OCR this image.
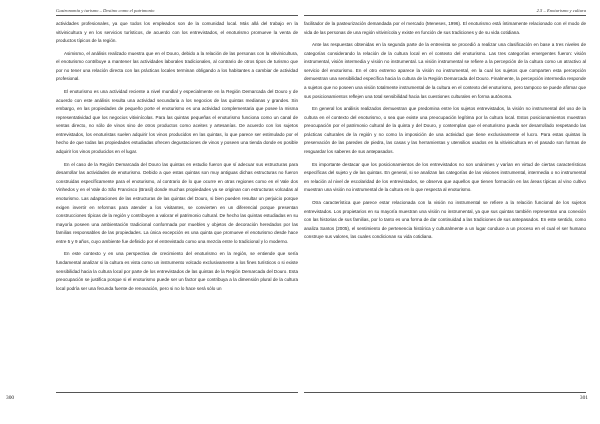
Gastronomía y turismo – Destino como el patrimonio

actividades profesionales, ya que todos los empleados son de la comunidad local. Más allá del trabajo en la vitivinicultura y en los servicios turísticos, de acuerdo con los entrevistados, el enoturismo promueve la venta de productos típicos de la región.

Asimismo, el análisis realizado muestra que en el Douro, debido a la relación de las personas con la vitivinicultura, el enoturismo contribuye a mantener las actividades laborales tradicionales, al contrario de otros tipos de turismo que por no tener una relación directa con las prácticas locales terminan obligando a los habitantes a cambiar de actividad profesional.

El enoturismo es una actividad reciente a nivel mundial y especialmente en la Región Demarcada del Douro y de acuerdo con este análisis resulta una actividad secundaria a los negocios de las quintas medianas y grandes. Sin embargo, en las propiedades de pequeño porte el enoturismo es una actividad complementaria que posee la misma representatividad que los negocios vitivinícolas. Para las quintas pequeñas el enoturismo funciona como un canal de ventas directo, no sólo de vinos sino de otros productos como aceites y artesanías. De acuerdo con los sujetos entrevistados, los enoturistas suelen adquirir los vinos producidos en las quintas, lo que parece ser estimulado por el hecho de que todas las propiedades estudiadas ofrecen degustaciones de vinos y poseen una tienda donde es posible adquirir los vinos producidos en el lugar.

En el caso de la Región Demarcada del Douro las quintas en estudio fueron que sí adecuar sus estructuras para desarrollar las actividades de enoturismo. Debido a que estas quintas son muy antiguas dichas estructuras no fueron construidas específicamente para el enoturismo, al contrario de lo que ocurre en otras regiones como en el Vale dos Vinhedos y en el Vale do São Francisco (Brasil) donde muchas propiedades ya se originan con estructuras volcadas al enoturismo. Las adaptaciones de las estructuras de las quintas del Douro, si bien pueden resultar un perjuicio porque exigen invertir en reformas para atender a los visitantes, se convierten en un diferencial porque presentan construcciones típicas de la región y contribuyen a valorar el patrimonio cultural. De hecho las quintas estudiadas en su mayoría poseen una ambientación tradicional conformada por muebles y objetos de decoración heredados por las familias responsables de las propiedades. La única excepción es una quinta que promueve el enoturismo desde hace entre 5 y 9 años, cuyo ambiente fue definido por el entrevistado como una mezcla entre lo tradicional y lo moderno.

En este contexto y en una perspectiva de crecimiento del enoturismo en la región, se entiende que sería fundamental analizar si la cultura es vista como un instrumento volcado exclusivamente a los fines turísticos o si existe sensibilidad hacia la cultura local por parte de los entrevistados de las quintas de la Región Demarcada del Douro. Esta preocupación se justifica porque si el enoturismo puede ser un factor que contribuya a la dimensión plural de la cultura local podría ser una fecunda fuente de renovación, pero si no lo hace será sólo un

300
2.5 – Enoturismo y cultura

facilitador de la pasteurización demandada por el mercado (Meneses, 1996). El enoturismo está íntimamente relacionado con el modo de vida de las personas de una región vitivinícola y existe en función de sus tradiciones y de su vida cotidiana.

Ante las respuestas obtenidas en la segunda parte de la entrevista se procedió a realizar una clasificación en base a tres niveles de categorías considerando la relación de la cultura local en el contexto del enoturismo. Las tres categorías emergentes fueron: visión instrumental, visión intermedia y visión no instrumental. La visión instrumental se refiere a la percepción de la cultura como un atractivo al servicio del enoturismo. En el otro extremo aparece la visión no instrumental, en la cual los sujetos que comparten esta percepción demuestran una sensibilidad específica hacia la cultura de la Región Demarcada del Douro. Finalmente, la percepción intermedia responde a sujetos que no poseen una visión totalmente instrumental de la cultura en el contexto del enoturismo, pero tampoco se puede afirmar que sus posicionamientos reflejen una total sensibilidad hacia las cuestiones culturales en forma autónoma.

En general los análisis realizados demuestran que predomina entre los sujetos entrevistados, la visión no instrumental del uso de la cultura en el contexto del enoturismo, o sea que existe una preocupación legítima por la cultura local. Estos posicionamientos muestran preocupación por el patrimonio cultural de la quinta y del Douro, y contemplan que el enoturismo pueda ser desarrollado respetando las prácticas culturales de la región y no como la imposición de una actividad que tiene exclusivamente el lucro. Para estas quintas la preservación de las paredes de piedra, las casas y las herramientas y utensilios usados en la vitivinicultura en el pasado son formas de resguardar los saberes de sus antepasados.

Es importante destacar que los posicionamientos de los entrevistados no son unánimes y varían en virtud de ciertas características específicas del sujeto y de las quintas. En general, si se analizan las categorías de las visiones instrumental, intermedia o no instrumental en relación al nivel de escolaridad de los entrevistados, se observa que aquellos que tienen formación en las áreas típicas al vino cultivo muestran una visión no instrumental de la cultura en lo que respecta al enoturismo.

Otra característica que parece estar relacionada con la visión no instrumental se refiere a la relación funcional de los sujetos entrevistados. Los propietarios en su mayoría muestran una visión no instrumental, ya que sus quintas también representan una conexión con las historias de sus familias, por lo tanto es una forma de dar continuidad a las tradiciones de sus antepasados. En este sentido, como analiza Santos (2005), el sentimiento de pertenencia histórica y culturalmente a un lugar conduce a un proceso en el cual el ser humano construye sus valores, las cuales condicionan su vida cotidiana.

301
